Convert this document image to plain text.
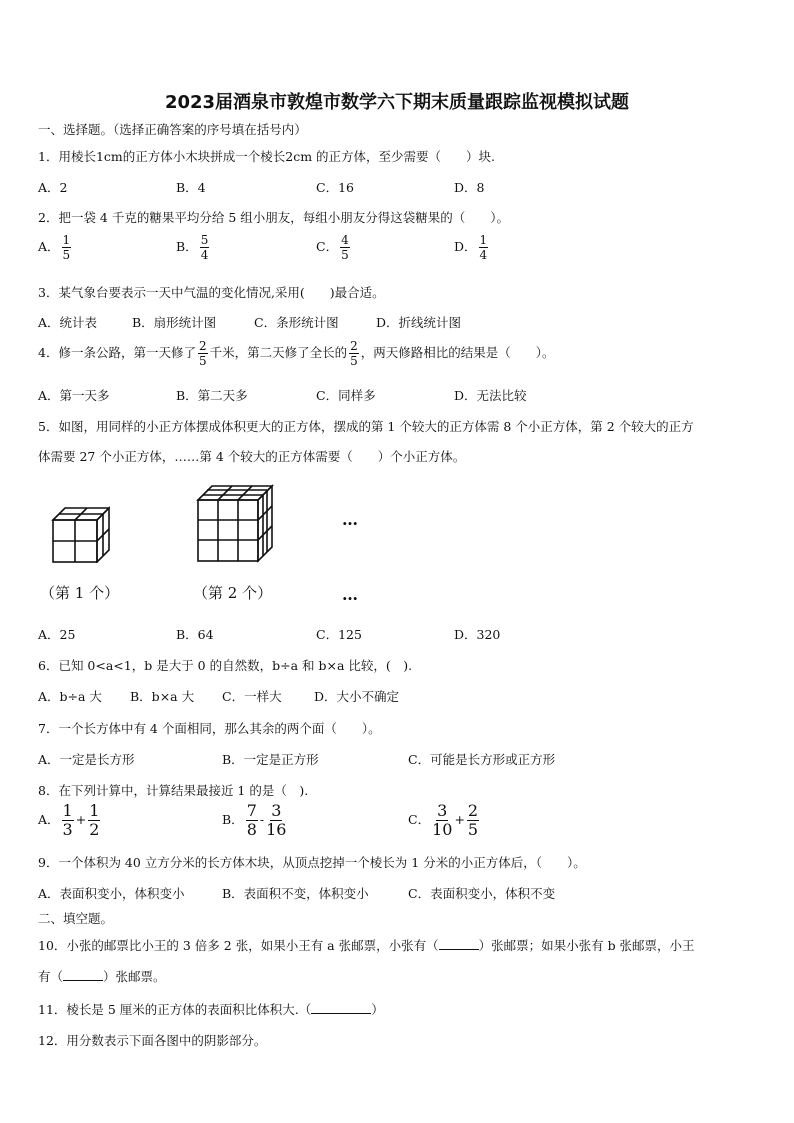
2023届酒泉市敦煌市数学六下期末质量跟踪监视模拟试题
一、选择题。（选择正确答案的序号填在括号内）
1．用棱长1cm的正方体小木块拼成一个棱长2cm 的正方体，至少需要（　　）块.
A．2	B．4	C．16	D．8
2．把一袋 4 千克的糖果平均分给 5 组小朋友，每组小朋友分得这袋糖果的（　　）。
A． $\frac{1}{5}$	B． $\frac{5}{4}$	C． $\frac{4}{5}$	D． $\frac{1}{4}$
3．某气象台要表示一天中气温的变化情况,采用(　　)最合适。
A．统计表	B．扇形统计图	C．条形统计图	D．折线统计图
4．修一条公路，第一天修了 $\frac{2}{5}$ 千米，第二天修了全长的 $\frac{2}{5}$ ，两天修路相比的结果是（　　）。
A．第一天多	B．第二天多	C．同样多	D．无法比较
5．如图，用同样的小正方体摆成体积更大的正方体，摆成的第 1 个较大的正方体需 8 个小正方体，第 2 个较大的正方
体需要 27 个小正方体，……第 4 个较大的正方体需要（　　）个小正方体。
…
（第 1 个）	（第 2 个）	…
A．25	B．64	C．125	D．320
6．已知 0<a<1，b 是大于 0 的自然数，b÷a 和 b×a 比较，(　).
A．b÷a 大 B．b×a 大 C．一样大	D．大小不确定
7．一个长方体中有 4 个面相同，那么其余的两个面（　　）。
A．一定是长方形	B．一定是正方形	C．可能是长方形或正方形
8．在下列计算中，计算结果最接近 1 的是（　).
A． $\frac{1}{3} + \frac{1}{2}$	B． $\frac{7}{8} - \frac{3}{16}$	C． $\frac{3}{10} + \frac{2}{5}$
9．一个体积为 40 立方分米的长方体木块，从顶点挖掉一个棱长为 1 分米的小正方体后，（　　）。
A．表面积变小，体积变小	B．表面积不变，体积变小	C．表面积变小，体积不变
二、填空题。
10．小张的邮票比小王的 3 倍多 2 张，如果小王有 a 张邮票，小张有（	）张邮票；如果小张有 b 张邮票，小王
有（	）张邮票。
11．棱长是 5 厘米的正方体的表面积比体积大.（	）
12．用分数表示下面各图中的阴影部分。
